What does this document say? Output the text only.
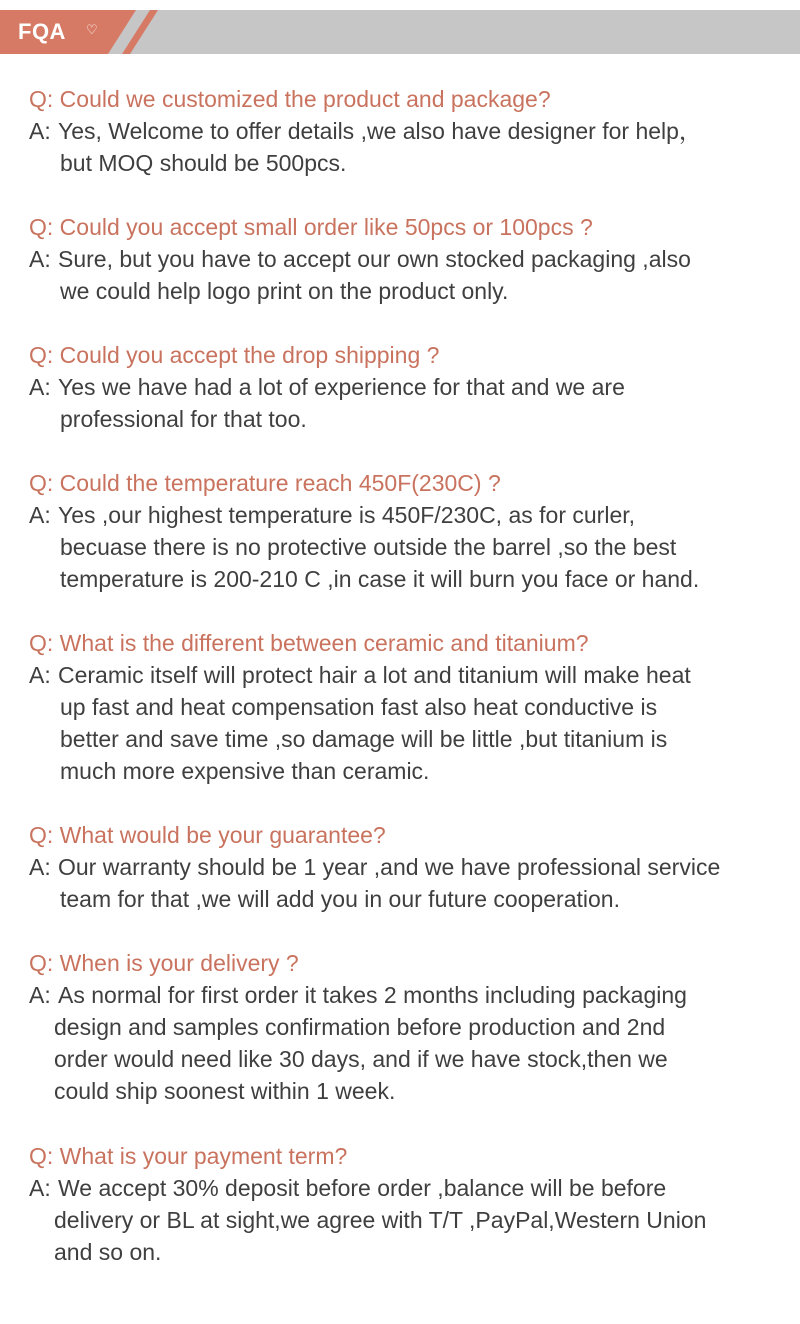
FQA ♡

Q: Could we customized the product and package?

A: Yes, Welcome to offer details ,we also have designer for help，
but MOQ should be 500pcs.

Q: Could you accept small order like 50pcs or 100pcs ?

A: Sure, but you have to accept our own stocked packaging ,also
we could help logo print on the product only.

Q: Could you accept the drop shipping ?

A: Yes we have had a lot of experience for that and we are
professional for that too.

Q: Could the temperature reach 450F(230C) ?

A: Yes ,our highest temperature is 450F/230C, as for curler,
becuase there is no protective outside the barrel ,so the best
temperature is 200-210 C ,in case it will burn you face or hand.

Q: What is the different between ceramic and titanium?

A: Ceramic itself will protect hair a lot and titanium will make heat
up fast and heat compensation fast also heat conductive is
better and save time ,so damage will be little ,but titanium is
much more expensive than ceramic.

Q: What would be your guarantee?

A: Our warranty should be 1 year ,and we have professional service
team for that ,we will add you in our future cooperation.

Q: When is your delivery ?

A: As normal for first order it takes 2 months including packaging
design and samples confirmation before production and 2nd
order would need like 30 days, and if we have stock,then we
could ship soonest within 1 week.

Q: What is your payment term?

A: We accept 30% deposit before order ,balance will be before
delivery or BL at sight,we agree with T/T ,PayPal,Western Union
and so on.
